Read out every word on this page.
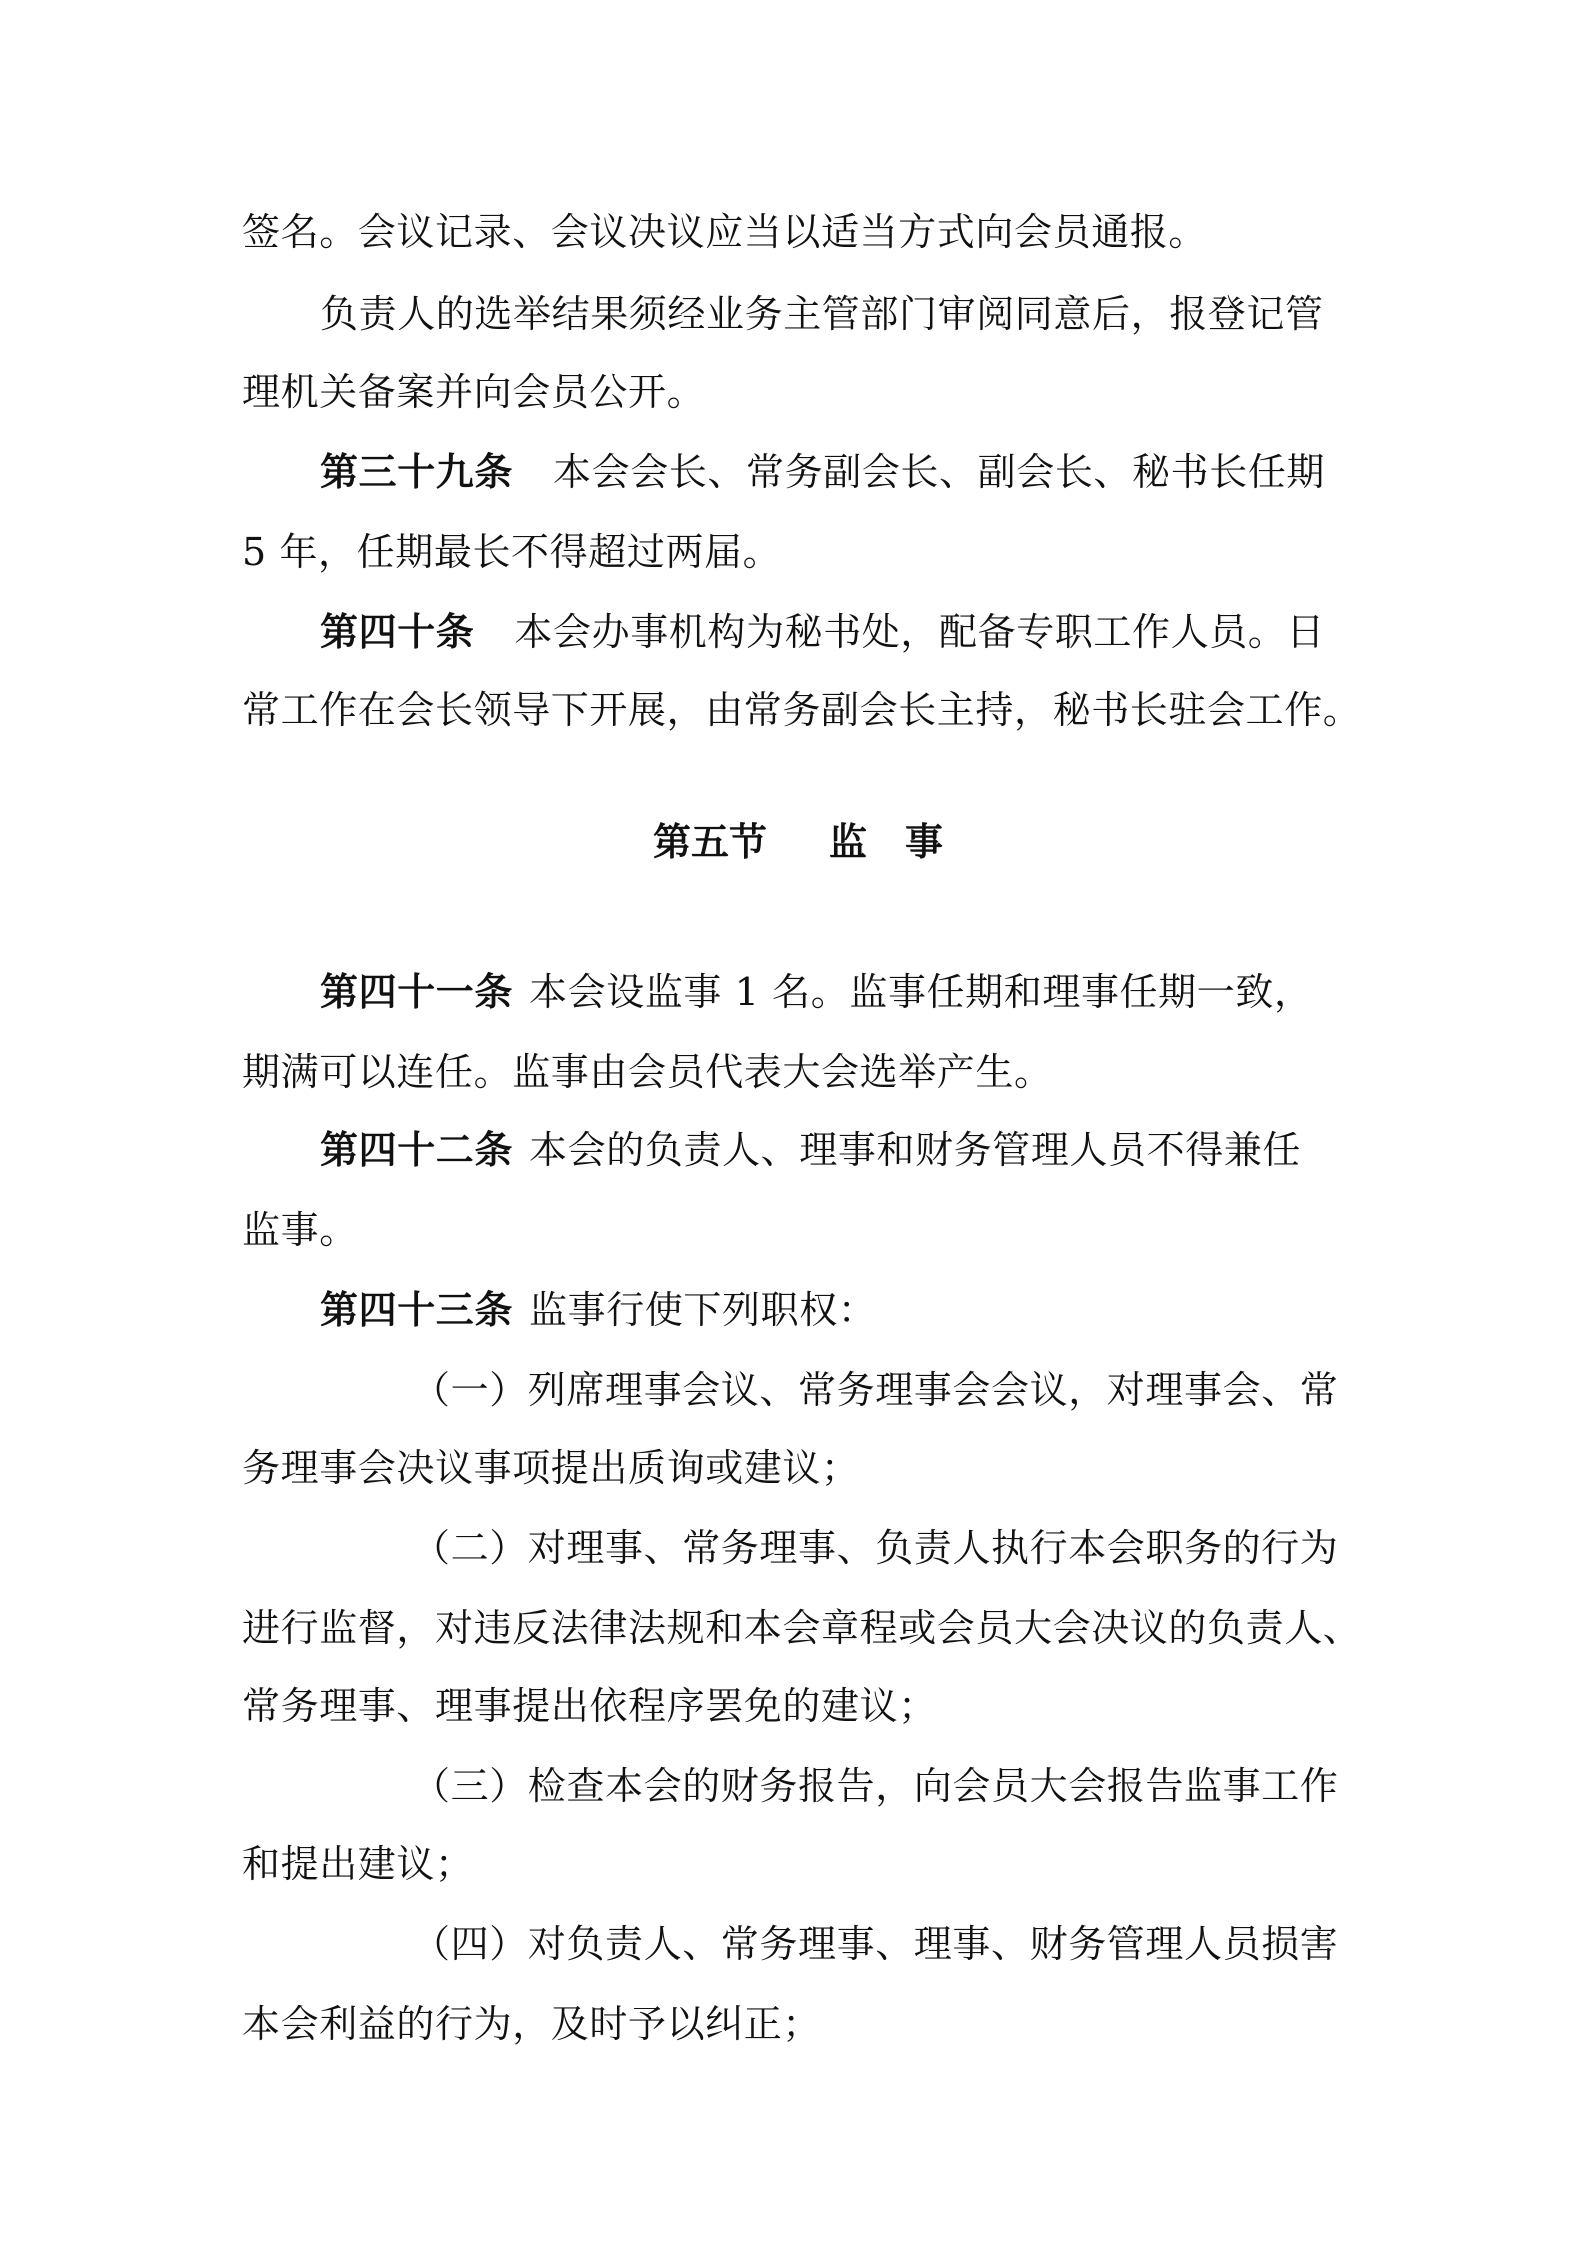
签名。会议记录、会议决议应当以适当方式向会员通报。
负责人的选举结果须经业务主管部门审阅同意后，报登记管
理机关备案并向会员公开。
第三十九条 本会会长、常务副会长、副会长、秘书长任期
5 年，任期最长不得超过两届。
第四十条 本会办事机构为秘书处，配备专职工作人员。日
常工作在会长领导下开展，由常务副会长主持，秘书长驻会工作。
第五节 监　事
第四十一条 本会设监事 1 名。监事任期和理事任期一致，
期满可以连任。监事由会员代表大会选举产生。
第四十二条 本会的负责人、理事和财务管理人员不得兼任
监事。
第四十三条 监事行使下列职权：
（一）列席理事会议、常务理事会会议，对理事会、常
务理事会决议事项提出质询或建议；
（二）对理事、常务理事、负责人执行本会职务的行为
进行监督，对违反法律法规和本会章程或会员大会决议的负责人、
常务理事、理事提出依程序罢免的建议；
（三）检查本会的财务报告，向会员大会报告监事工作
和提出建议；
（四）对负责人、常务理事、理事、财务管理人员损害
本会利益的行为，及时予以纠正；
